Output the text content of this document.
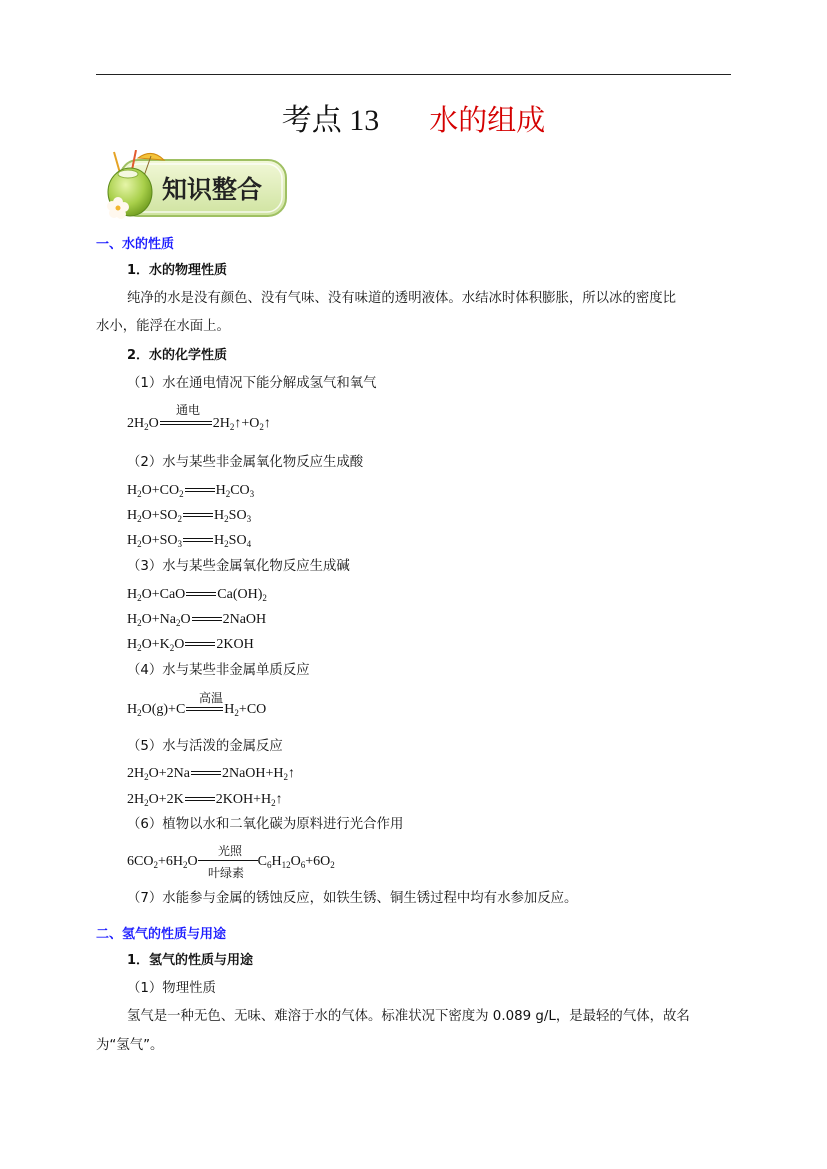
考点 13 水的组成
知识整合
一、水的性质
1．水的物理性质
纯净的水是没有颜色、没有气味、没有味道的透明液体。水结冰时体积膨胀，所以冰的密度比
水小，能浮在水面上。
2．水的化学性质
（1）水在通电情况下能分解成氢气和氧气
通电
$2H_2O$	$2H_2↑+O_2↑$
（2）水与某些非金属氧化物反应生成酸
$H_2O+CO_2$ $H_2CO_3$
$H_2O+SO_2$ $H_2SO_3$
$H_2O+SO_3$ $H_2SO_4$
（3）水与某些金属氧化物反应生成碱
$H_2O+CaO$ $Ca(OH)_2$
$H_2O+Na_2O$ 2NaOH
$H_2O+K_2O$ 2KOH
（4）水与某些非金属单质反应
高温
$H_2O(g)+C$	$H_2+CO$
（5）水与活泼的金属反应
$2H_2O+2Na$ $2NaOH+H_2↑$
$2H_2O+2K$ $2KOH+H_2↑$
（6）植物以水和二氧化碳为原料进行光合作用
光照
$6CO_2+6H_2O$	$C_6H_{12}O_6+6O_2$
叶绿素
（7）水能参与金属的锈蚀反应，如铁生锈、铜生锈过程中均有水参加反应。
二、氢气的性质与用途
1．氢气的性质与用途
（1）物理性质
氢气是一种无色、无味、难溶于水的气体。标准状况下密度为 0.089 g/L，是最轻的气体，故名
为“氢气”。
